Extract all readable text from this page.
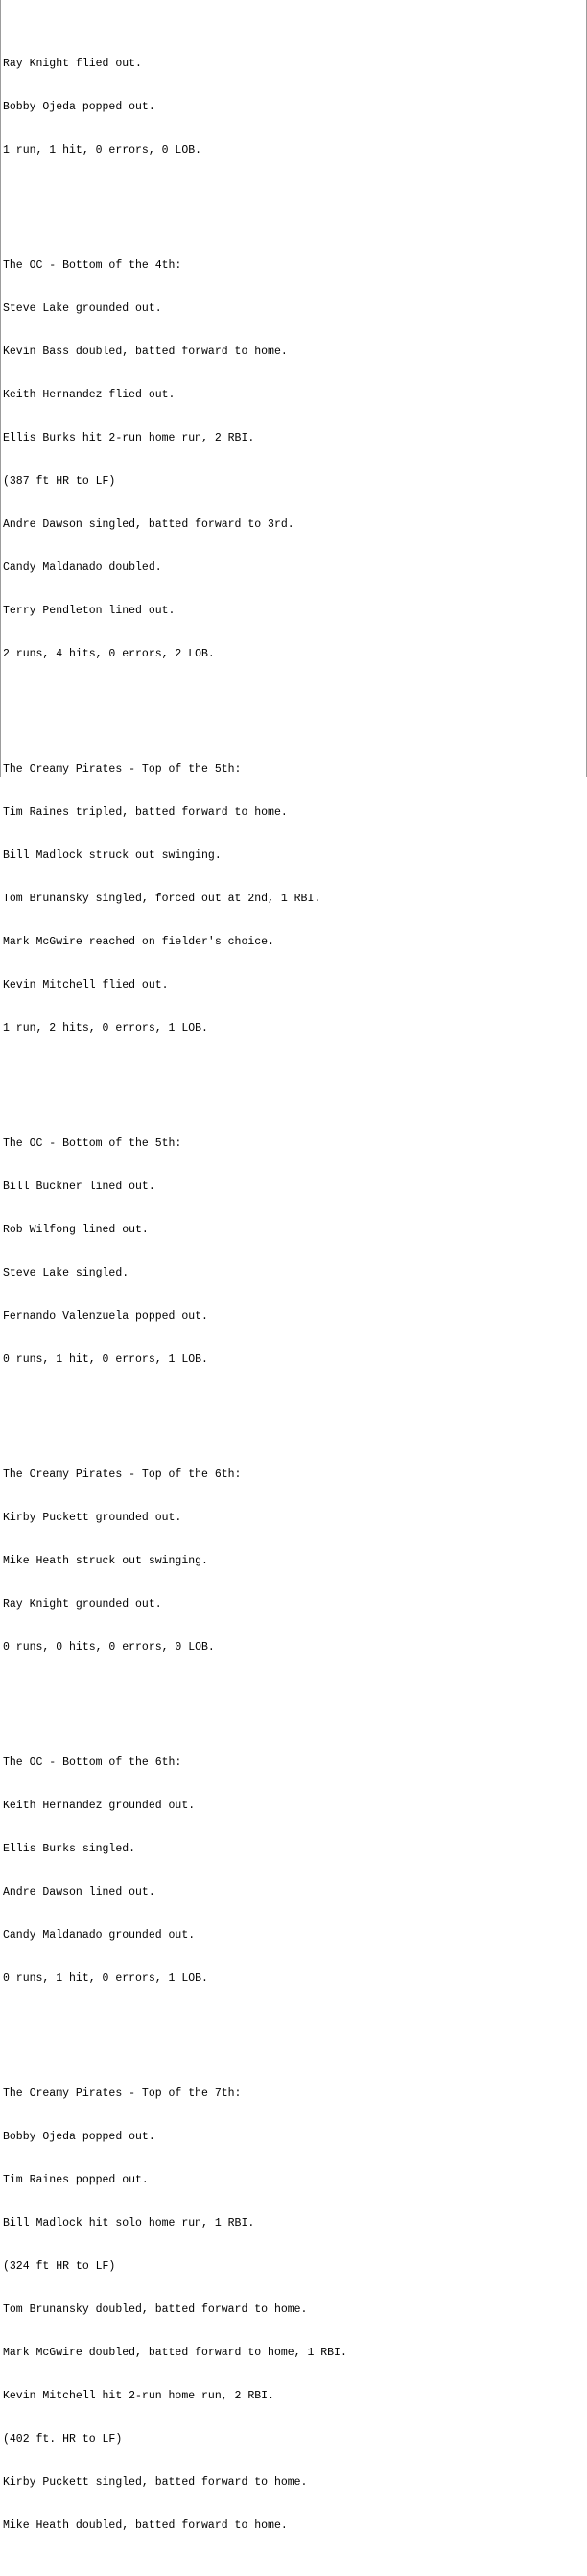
Ray Knight flied out.

Bobby Ojeda popped out.

1 run, 1 hit, 0 errors, 0 LOB.

The OC - Bottom of the 4th:

Steve Lake grounded out.

Kevin Bass doubled, batted forward to home.

Keith Hernandez flied out.

Ellis Burks hit 2-run home run, 2 RBI.

(387 ft HR to LF)

Andre Dawson singled, batted forward to 3rd.

Candy Maldanado doubled.

Terry Pendleton lined out.

2 runs, 4 hits, 0 errors, 2 LOB.

The Creamy Pirates - Top of the 5th:

Tim Raines tripled, batted forward to home.

Bill Madlock struck out swinging.

Tom Brunansky singled, forced out at 2nd, 1 RBI.

Mark McGwire reached on fielder's choice.

Kevin Mitchell flied out.

1 run, 2 hits, 0 errors, 1 LOB.

The OC - Bottom of the 5th:

Bill Buckner lined out.

Rob Wilfong lined out.

Steve Lake singled.

Fernando Valenzuela popped out.

0 runs, 1 hit, 0 errors, 1 LOB.

The Creamy Pirates - Top of the 6th:

Kirby Puckett grounded out.

Mike Heath struck out swinging.

Ray Knight grounded out.

0 runs, 0 hits, 0 errors, 0 LOB.

The OC - Bottom of the 6th:

Keith Hernandez grounded out.

Ellis Burks singled.

Andre Dawson lined out.

Candy Maldanado grounded out.

0 runs, 1 hit, 0 errors, 1 LOB.

The Creamy Pirates - Top of the 7th:

Bobby Ojeda popped out.

Tim Raines popped out.

Bill Madlock hit solo home run, 1 RBI.

(324 ft HR to LF)

Tom Brunansky doubled, batted forward to home.

Mark McGwire doubled, batted forward to home, 1 RBI.

Kevin Mitchell hit 2-run home run, 2 RBI.

(402 ft. HR to LF)

Kirby Puckett singled, batted forward to home.

Mike Heath doubled, batted forward to home.
